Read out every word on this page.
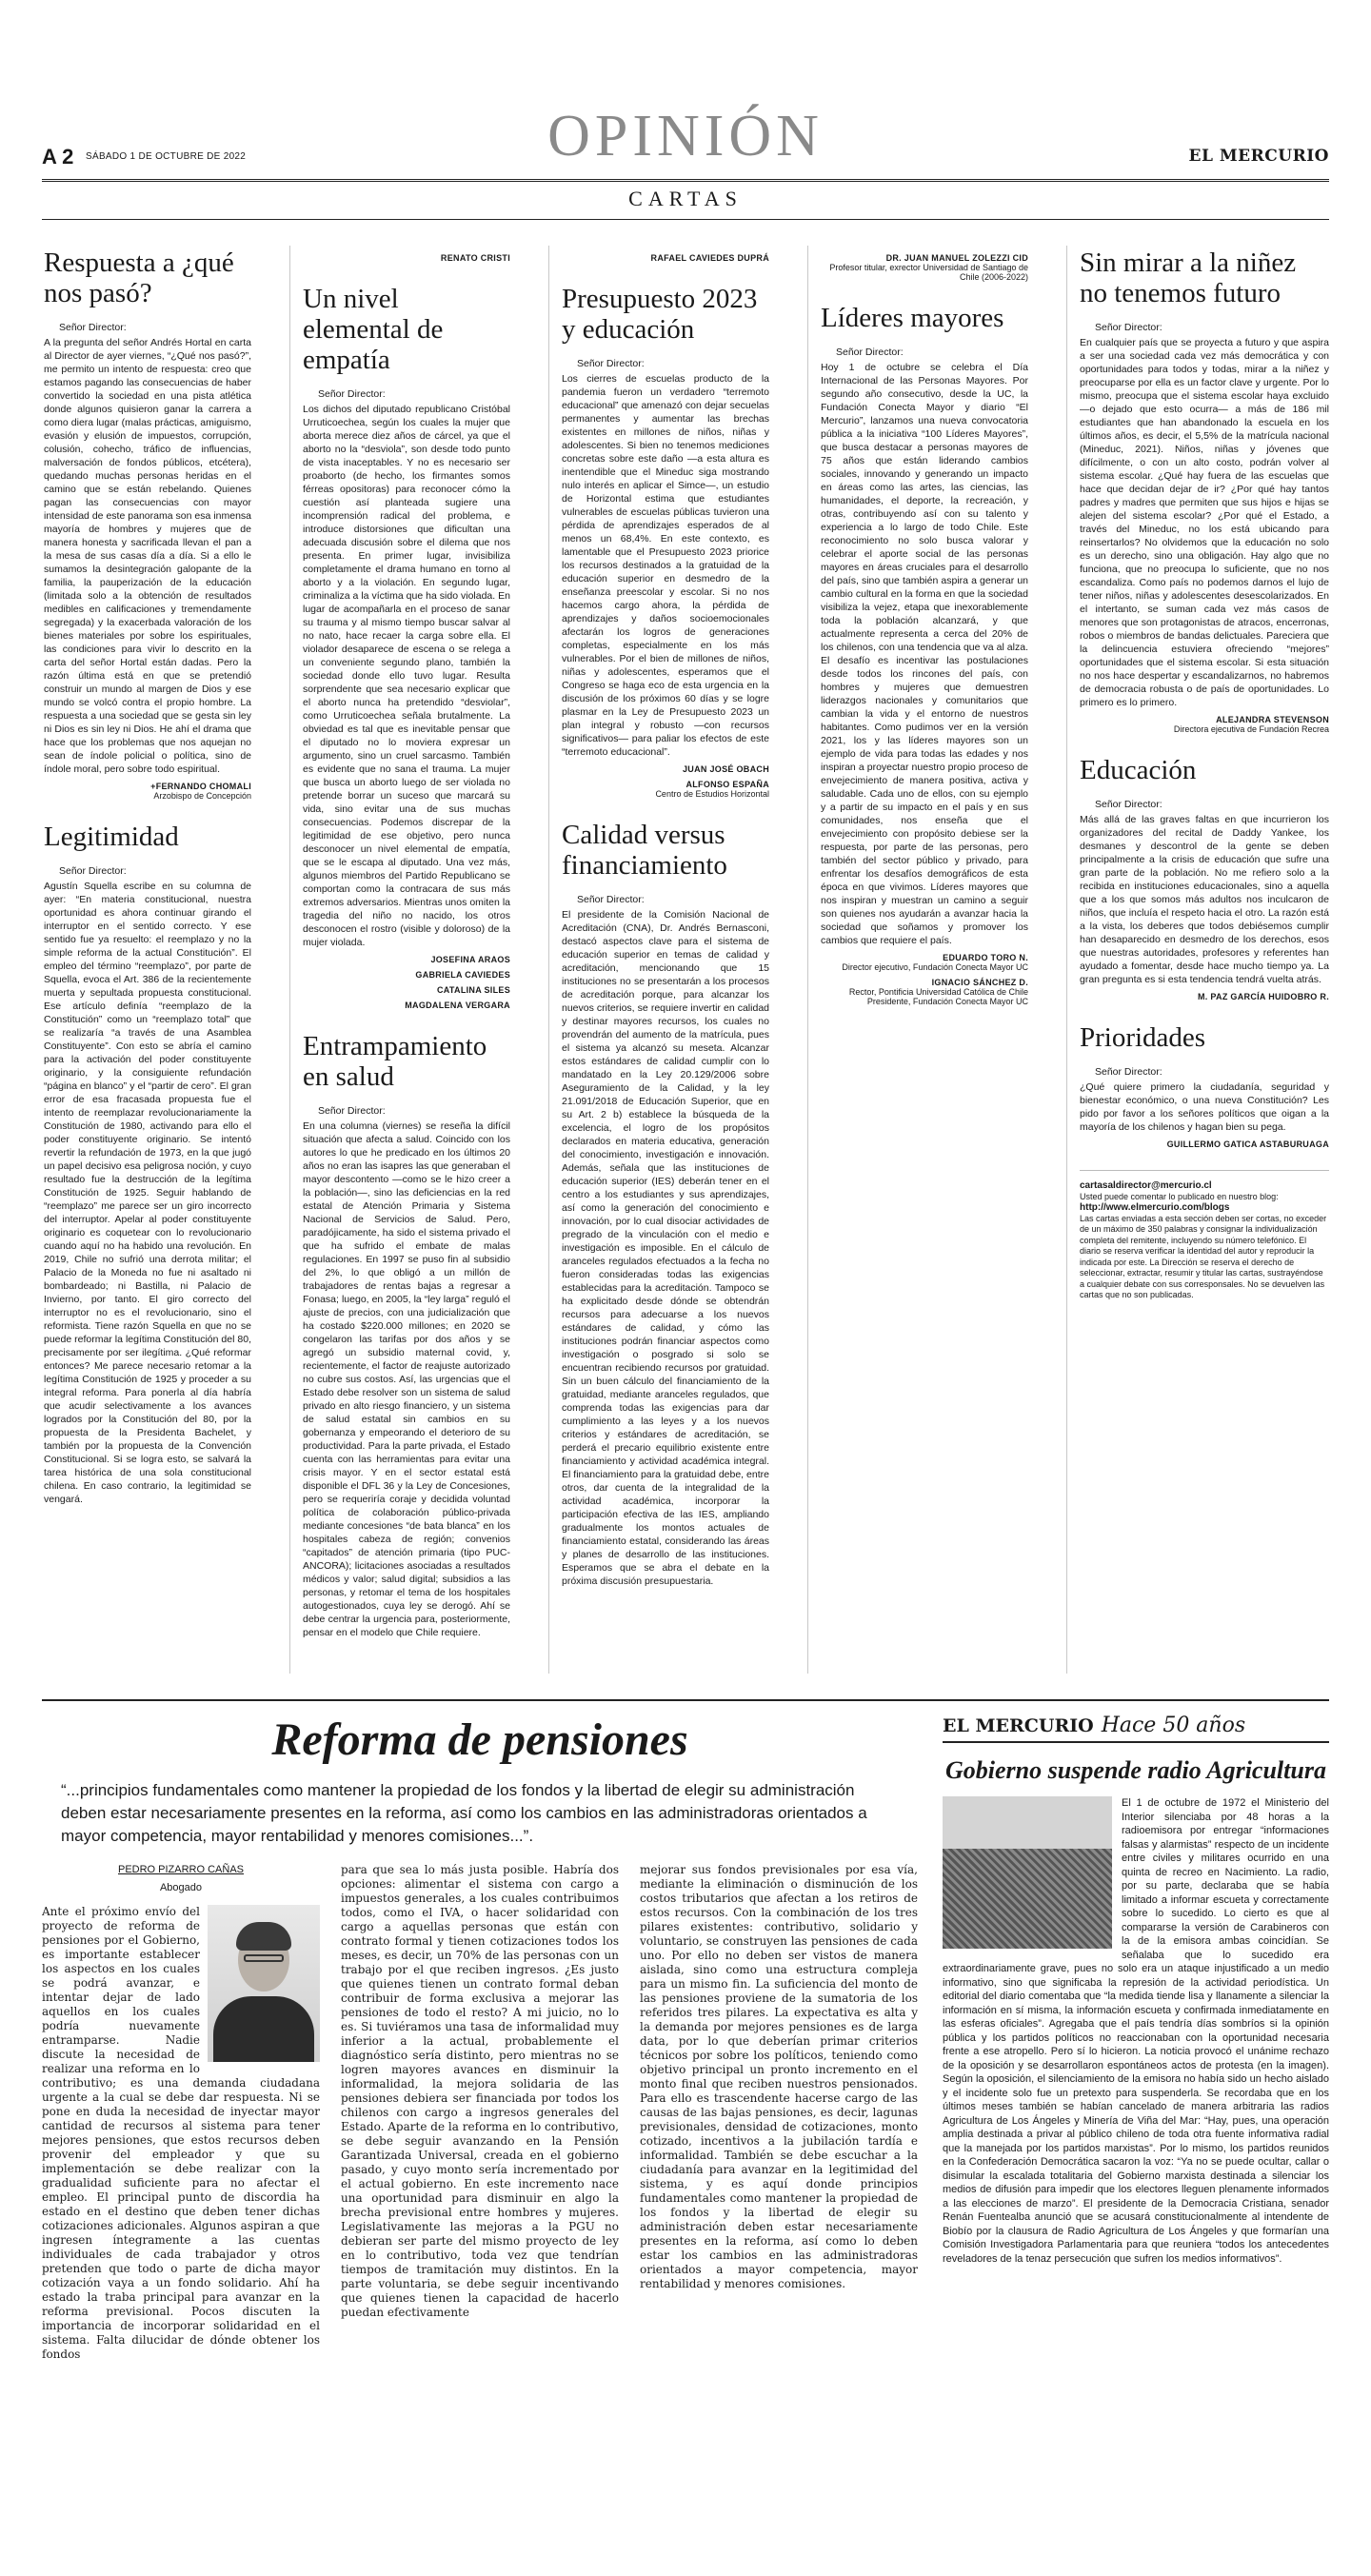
OPINIÓN
A 2 SÁBADO 1 DE OCTUBRE DE 2022	EL MERCURIO
CARTAS
Respuesta a ¿qué nos pasó?

Señor Director:

A la pregunta del señor Andrés Hortal en carta al Director de ayer viernes, “¿Qué nos pasó?”, me permito un intento de respuesta: creo que estamos pagando las consecuencias de haber convertido la sociedad en una pista atlética donde algunos quisieron ganar la carrera a como diera lugar (malas prácticas, amiguismo, evasión y elusión de impuestos, corrupción, colusión, cohecho, tráfico de influencias, malversación de fondos públicos, etcétera), quedando muchas personas heridas en el camino que se están rebelando. Quienes pagan las consecuencias con mayor intensidad de este panorama son esa inmensa mayoría de hombres y mujeres que de manera honesta y sacrificada llevan el pan a la mesa de sus casas día a día. Si a ello le sumamos la desintegración galopante de la familia, la pauperización de la educación (limitada solo a la obtención de resultados medibles en calificaciones y tremendamente segregada) y la exacerbada valoración de los bienes materiales por sobre los espirituales, las condiciones para vivir lo descrito en la carta del señor Hortal están dadas. Pero la razón última está en que se pretendió construir un mundo al margen de Dios y ese mundo se volcó contra el propio hombre. La respuesta a una sociedad que se gesta sin ley ni Dios es sin ley ni Dios. He ahí el drama que hace que los problemas que nos aquejan no sean de índole policial o política, sino de índole moral, pero sobre todo espiritual.

+FERNANDO CHOMALI

Arzobispo de Concepción

Legitimidad

Señor Director:

Agustín Squella escribe en su columna de ayer: “En materia constitucional, nuestra oportunidad es ahora continuar girando el interruptor en el sentido correcto. Y ese sentido fue ya resuelto: el reemplazo y no la simple reforma de la actual Constitución”. El empleo del término “reemplazo”, por parte de Squella, evoca el Art. 386 de la recientemente muerta y sepultada propuesta constitucional. Ese artículo definía “reemplazo de la Constitución” como un “reemplazo total” que se realizaría “a través de una Asamblea Constituyente”. Con esto se abría el camino para la activación del poder constituyente originario, y la consiguiente refundación “página en blanco” y el “partir de cero”. El gran error de esa fracasada propuesta fue el intento de reemplazar revolucionariamente la Constitución de 1980, activando para ello el poder constituyente originario. Se intentó revertir la refundación de 1973, en la que jugó un papel decisivo esa peligrosa noción, y cuyo resultado fue la destrucción de la legítima Constitución de 1925. Seguir hablando de “reemplazo” me parece ser un giro incorrecto del interruptor. Apelar al poder constituyente originario es coquetear con lo revolucionario cuando aquí no ha habido una revolución. En 2019, Chile no sufrió una derrota militar; el Palacio de la Moneda no fue ni asaltado ni bombardeado; ni Bastilla, ni Palacio de Invierno, por tanto. El giro correcto del interruptor no es el revolucionario, sino el reformista. Tiene razón Squella en que no se puede reformar la legítima Constitución del 80, precisamente por ser ilegítima. ¿Qué reformar entonces? Me parece necesario retomar a la legítima Constitución de 1925 y proceder a su integral reforma. Para ponerla al día habría que acudir selectivamente a los avances logrados por la Constitución del 80, por la propuesta de la Presidenta Bachelet, y también por la propuesta de la Convención Constitucional. Si se logra esto, se salvará la tarea histórica de una sola constitucional chilena. En caso contrario, la legitimidad se vengará.

RENATO CRISTI

Un nivel elemental de empatía

Señor Director:

Los dichos del diputado republicano Cristóbal Urruticoechea, según los cuales la mujer que aborta merece diez años de cárcel, ya que el aborto no la “desviola”, son desde todo punto de vista inaceptables. Y no es necesario ser proaborto (de hecho, los firmantes somos férreas opositoras) para reconocer cómo la cuestión así planteada sugiere una incomprensión radical del problema, e introduce distorsiones que dificultan una adecuada discusión sobre el dilema que nos presenta. En primer lugar, invisibiliza completamente el drama humano en torno al aborto y a la violación. En segundo lugar, criminaliza a la víctima que ha sido violada. En lugar de acompañarla en el proceso de sanar su trauma y al mismo tiempo buscar salvar al no nato, hace recaer la carga sobre ella. El violador desaparece de escena o se relega a un conveniente segundo plano, también la sociedad donde ello tuvo lugar. Resulta sorprendente que sea necesario explicar que el aborto nunca ha pretendido “desviolar”, como Urruticoechea señala brutalmente. La obviedad es tal que es inevitable pensar que el diputado no lo moviera expresar un argumento, sino un cruel sarcasmo. También es evidente que no sana el trauma. La mujer que busca un aborto luego de ser violada no pretende borrar un suceso que marcará su vida, sino evitar una de sus muchas consecuencias. Podemos discrepar de la legitimidad de ese objetivo, pero nunca desconocer un nivel elemental de empatía, que se le escapa al diputado. Una vez más, algunos miembros del Partido Republicano se comportan como la contracara de sus más extremos adversarios. Mientras unos omiten la tragedia del niño no nacido, los otros desconocen el rostro (visible y doloroso) de la mujer violada.

JOSEFINA ARAOS

GABRIELA CAVIEDES

CATALINA SILES

MAGDALENA VERGARA

Entrampamiento en salud

Señor Director:

En una columna (viernes) se reseña la difícil situación que afecta a salud. Coincido con los autores lo que he predicado en los últimos 20 años no eran las isapres las que generaban el mayor descontento —como se le hizo creer a la población—, sino las deficiencias en la red estatal de Atención Primaria y Sistema Nacional de Servicios de Salud. Pero, paradójicamente, ha sido el sistema privado el que ha sufrido el embate de malas regulaciones. En 1997 se puso fin al subsidio del 2%, lo que obligó a un millón de trabajadores de rentas bajas a regresar a Fonasa; luego, en 2005, la “ley larga” reguló el ajuste de precios, con una judicialización que ha costado $220.000 millones; en 2020 se congelaron las tarifas por dos años y se agregó un subsidio maternal covid, y, recientemente, el factor de reajuste autorizado no cubre sus costos. Así, las urgencias que el Estado debe resolver son un sistema de salud privado en alto riesgo financiero, y un sistema de salud estatal sin cambios en su gobernanza y empeorando el deterioro de su productividad. Para la parte privada, el Estado cuenta con las herramientas para evitar una crisis mayor. Y en el sector estatal está disponible el DFL 36 y la Ley de Concesiones, pero se requeriría coraje y decidida voluntad política de colaboración público-privada mediante concesiones “de bata blanca” en los hospitales cabeza de región; convenios “capitados” de atención primaria (tipo PUC-ANCORA); licitaciones asociadas a resultados médicos y valor; salud digital; subsidios a las personas, y retomar el tema de los hospitales autogestionados, cuya ley se derogó. Ahí se debe centrar la urgencia para, posteriormente, pensar en el modelo que Chile requiere.

RAFAEL CAVIEDES DUPRÁ

Presupuesto 2023 y educación

Señor Director:

Los cierres de escuelas producto de la pandemia fueron un verdadero “terremoto educacional” que amenazó con dejar secuelas permanentes y aumentar las brechas existentes en millones de niños, niñas y adolescentes. Si bien no tenemos mediciones concretas sobre este daño —a esta altura es inentendible que el Mineduc siga mostrando nulo interés en aplicar el Simce—, un estudio de Horizontal estima que estudiantes vulnerables de escuelas públicas tuvieron una pérdida de aprendizajes esperados de al menos un 68,4%. En este contexto, es lamentable que el Presupuesto 2023 priorice los recursos destinados a la gratuidad de la educación superior en desmedro de la enseñanza preescolar y escolar. Si no nos hacemos cargo ahora, la pérdida de aprendizajes y daños socioemocionales afectarán los logros de generaciones completas, especialmente en los más vulnerables. Por el bien de millones de niños, niñas y adolescentes, esperamos que el Congreso se haga eco de esta urgencia en la discusión de los próximos 60 días y se logre plasmar en la Ley de Presupuesto 2023 un plan integral y robusto —con recursos significativos— para paliar los efectos de este “terremoto educacional”.

JUAN JOSÉ OBACH

ALFONSO ESPAÑA

Centro de Estudios Horizontal

Calidad versus financiamiento

Señor Director:

El presidente de la Comisión Nacional de Acreditación (CNA), Dr. Andrés Bernasconi, destacó aspectos clave para el sistema de educación superior en temas de calidad y acreditación, mencionando que 15 instituciones no se presentarán a los procesos de acreditación porque, para alcanzar los nuevos criterios, se requiere invertir en calidad y destinar mayores recursos, los cuales no provendrán del aumento de la matrícula, pues el sistema ya alcanzó su meseta. Alcanzar estos estándares de calidad cumplir con lo mandatado en la Ley 20.129/2006 sobre Aseguramiento de la Calidad, y la ley 21.091/2018 de Educación Superior, que en su Art. 2 b) establece la búsqueda de la excelencia, el logro de los propósitos declarados en materia educativa, generación del conocimiento, investigación e innovación. Además, señala que las instituciones de educación superior (IES) deberán tener en el centro a los estudiantes y sus aprendizajes, así como la generación del conocimiento e innovación, por lo cual disociar actividades de pregrado de la vinculación con el medio e investigación es imposible. En el cálculo de aranceles regulados efectuados a la fecha no fueron consideradas todas las exigencias establecidas para la acreditación. Tampoco se ha explicitado desde dónde se obtendrán recursos para adecuarse a los nuevos estándares de calidad, y cómo las instituciones podrán financiar aspectos como investigación o posgrado si solo se encuentran recibiendo recursos por gratuidad. Sin un buen cálculo del financiamiento de la gratuidad, mediante aranceles regulados, que comprenda todas las exigencias para dar cumplimiento a las leyes y a los nuevos criterios y estándares de acreditación, se perderá el precario equilibrio existente entre financiamiento y actividad académica integral. El financiamiento para la gratuidad debe, entre otros, dar cuenta de la integralidad de la actividad académica, incorporar la participación efectiva de las IES, ampliando gradualmente los montos actuales de financiamiento estatal, considerando las áreas y planes de desarrollo de las instituciones. Esperamos que se abra el debate en la próxima discusión presupuestaria.

DR. JUAN MANUEL ZOLEZZI CID

Profesor titular, exrector Universidad de Santiago de Chile (2006-2022)

Líderes mayores

Señor Director:

Hoy 1 de octubre se celebra el Día Internacional de las Personas Mayores. Por segundo año consecutivo, desde la UC, la Fundación Conecta Mayor y diario “El Mercurio”, lanzamos una nueva convocatoria pública a la iniciativa “100 Líderes Mayores”, que busca destacar a personas mayores de 75 años que están liderando cambios sociales, innovando y generando un impacto en áreas como las artes, las ciencias, las humanidades, el deporte, la recreación, y otras, contribuyendo así con su talento y experiencia a lo largo de todo Chile. Este reconocimiento no solo busca valorar y celebrar el aporte social de las personas mayores en áreas cruciales para el desarrollo del país, sino que también aspira a generar un cambio cultural en la forma en que la sociedad visibiliza la vejez, etapa que inexorablemente toda la población alcanzará, y que actualmente representa a cerca del 20% de los chilenos, con una tendencia que va al alza. El desafío es incentivar las postulaciones desde todos los rincones del país, con hombres y mujeres que demuestren liderazgos nacionales y comunitarios que cambian la vida y el entorno de nuestros habitantes. Como pudimos ver en la versión 2021, los y las líderes mayores son un ejemplo de vida para todas las edades y nos inspiran a proyectar nuestro propio proceso de envejecimiento de manera positiva, activa y saludable. Cada uno de ellos, con su ejemplo y a partir de su impacto en el país y en sus comunidades, nos enseña que el envejecimiento con propósito debiese ser la respuesta, por parte de las personas, pero también del sector público y privado, para enfrentar los desafíos demográficos de esta época en que vivimos. Líderes mayores que nos inspiran y muestran un camino a seguir son quienes nos ayudarán a avanzar hacia la sociedad que soñamos y promover los cambios que requiere el país.

EDUARDO TORO N.

Director ejecutivo, Fundación Conecta Mayor UC

IGNACIO SÁNCHEZ D.

Rector, Pontificia Universidad Católica de Chile Presidente, Fundación Conecta Mayor UC

Sin mirar a la niñez no tenemos futuro

Señor Director:

En cualquier país que se proyecta a futuro y que aspira a ser una sociedad cada vez más democrática y con oportunidades para todos y todas, mirar a la niñez y preocuparse por ella es un factor clave y urgente. Por lo mismo, preocupa que el sistema escolar haya excluido —o dejado que esto ocurra— a más de 186 mil estudiantes que han abandonado la escuela en los últimos años, es decir, el 5,5% de la matrícula nacional (Mineduc, 2021). Niños, niñas y jóvenes que difícilmente, o con un alto costo, podrán volver al sistema escolar. ¿Qué hay fuera de las escuelas que hace que decidan dejar de ir? ¿Por qué hay tantos padres y madres que permiten que sus hijos e hijas se alejen del sistema escolar? ¿Por qué el Estado, a través del Mineduc, no los está ubicando para reinsertarlos? No olvidemos que la educación no solo es un derecho, sino una obligación. Hay algo que no funciona, que no preocupa lo suficiente, que no nos escandaliza. Como país no podemos darnos el lujo de tener niños, niñas y adolescentes desescolarizados. En el intertanto, se suman cada vez más casos de menores que son protagonistas de atracos, encerronas, robos o miembros de bandas delictuales. Pareciera que la delincuencia estuviera ofreciendo “mejores” oportunidades que el sistema escolar. Si esta situación no nos hace despertar y escandalizarnos, no habremos de democracia robusta o de país de oportunidades. Lo primero es lo primero.

ALEJANDRA STEVENSON

Directora ejecutiva de Fundación Recrea

Educación

Señor Director:

Más allá de las graves faltas en que incurrieron los organizadores del recital de Daddy Yankee, los desmanes y descontrol de la gente se deben principalmente a la crisis de educación que sufre una gran parte de la población. No me refiero solo a la recibida en instituciones educacionales, sino a aquella que a los que somos más adultos nos inculcaron de niños, que incluía el respeto hacia el otro. La razón está a la vista, los deberes que todos debiésemos cumplir han desaparecido en desmedro de los derechos, esos que nuestras autoridades, profesores y referentes han ayudado a fomentar, desde hace mucho tiempo ya. La gran pregunta es si esta tendencia tendrá vuelta atrás.

M. PAZ GARCÍA HUIDOBRO R.

Prioridades

Señor Director:

¿Qué quiere primero la ciudadanía, seguridad y bienestar económico, o una nueva Constitución? Les pido por favor a los señores políticos que oigan a la mayoría de los chilenos y hagan bien su pega.

GUILLERMO GATICA ASTABURUAGA

cartasaldirector@mercurio.cl

Usted puede comentar lo publicado en nuestro blog:

http://www.elmercurio.com/blogs

Las cartas enviadas a esta sección deben ser cortas, no exceder de un máximo de 350 palabras y consignar la individualización completa del remitente, incluyendo su número telefónico. El diario se reserva verificar la identidad del autor y reproducir la indicada por este. La Dirección se reserva el derecho de seleccionar, extractar, resumir y titular las cartas, sustrayéndose a cualquier debate con sus corresponsales. No se devuelven las cartas que no son publicadas.

Reforma de pensiones

“...principios fundamentales como mantener la propiedad de los fondos y la libertad de elegir su administración deben estar necesariamente presentes en la reforma, así como los cambios en las administradoras orientados a mayor competencia, mayor rentabilidad y menores comisiones...”.

PEDRO PIZARRO CAÑAS

Abogado

Ante el próximo envío del proyecto de reforma de pensiones por el Gobierno, es importante establecer los aspectos en los cuales se podrá avanzar, e intentar dejar de lado aquellos en los cuales podría nuevamente entramparse. Nadie discute la necesidad de realizar una reforma en lo contributivo; es una demanda ciudadana urgente a la cual se debe dar respuesta. Ni se pone en duda la necesidad de inyectar mayor cantidad de recursos al sistema para tener mejores pensiones, que estos recursos deben provenir del empleador y que su implementación se debe realizar con la gradualidad suficiente para no afectar el empleo. El principal punto de discordia ha estado en el destino que deben tener dichas cotizaciones adicionales. Algunos aspiran a que ingresen íntegramente a las cuentas individuales de cada trabajador y otros pretenden que todo o parte de dicha mayor cotización vaya a un fondo solidario. Ahí ha estado la traba principal para avanzar en la reforma previsional. Pocos discuten la importancia de incorporar solidaridad en el sistema. Falta dilucidar de dónde obtener los fondos

para que sea lo más justa posible. Habría dos opciones: alimentar el sistema con cargo a impuestos generales, a los cuales contribuimos todos, como el IVA, o hacer solidaridad con cargo a aquellas personas que están con contrato formal y tienen cotizaciones todos los meses, es decir, un 70% de las personas con un trabajo por el que reciben ingresos. ¿Es justo que quienes tienen un contrato formal deban contribuir de forma exclusiva a mejorar las pensiones de todo el resto? A mi juicio, no lo es. Si tuviéramos una tasa de informalidad muy inferior a la actual, probablemente el diagnóstico sería distinto, pero mientras no se logren mayores avances en disminuir la informalidad, la mejora solidaria de las pensiones debiera ser financiada por todos los chilenos con cargo a ingresos generales del Estado. Aparte de la reforma en lo contributivo, se debe seguir avanzando en la Pensión Garantizada Universal, creada en el gobierno pasado, y cuyo monto sería incrementado por el actual gobierno. En este incremento nace una oportunidad para disminuir en algo la brecha previsional entre hombres y mujeres. Legislativamente las mejoras a la PGU no debieran ser parte del mismo proyecto de ley en lo contributivo, toda vez que tendrían tiempos de tramitación muy distintos. En la parte voluntaria, se debe seguir incentivando que quienes tienen la capacidad de hacerlo puedan efectivamente

mejorar sus fondos previsionales por esa vía, mediante la eliminación o disminución de los costos tributarios que afectan a los retiros de estos recursos. Con la combinación de los tres pilares existentes: contributivo, solidario y voluntario, se construyen las pensiones de cada uno. Por ello no deben ser vistos de manera aislada, sino como una estructura compleja para un mismo fin. La suficiencia del monto de las pensiones proviene de la sumatoria de los referidos tres pilares. La expectativa es alta y la demanda por mejores pensiones es de larga data, por lo que deberían primar criterios técnicos por sobre los políticos, teniendo como objetivo principal un pronto incremento en el monto final que reciben nuestros pensionados. Para ello es trascendente hacerse cargo de las causas de las bajas pensiones, es decir, lagunas previsionales, densidad de cotizaciones, monto cotizado, incentivos a la jubilación tardía e informalidad. También se debe escuchar a la ciudadanía para avanzar en la legitimidad del sistema, y es aquí donde principios fundamentales como mantener la propiedad de los fondos y la libertad de elegir su administración deben estar necesariamente presentes en la reforma, así como lo deben estar los cambios en las administradoras orientados a mayor competencia, mayor rentabilidad y menores comisiones.

EL MERCURIO Hace 50 años
Gobierno suspende radio Agricultura

El 1 de octubre de 1972 el Ministerio del Interior silenciaba por 48 horas a la radioemisora por entregar “informaciones falsas y alarmistas” respecto de un incidente entre civiles y militares ocurrido en una quinta de recreo en Nacimiento. La radio, por su parte, declaraba que se había limitado a informar escueta y correctamente sobre lo sucedido. Lo cierto es que al compararse la versión de Carabineros con la de la emisora ambas coincidían. Se señalaba que lo sucedido era extraordinariamente grave, pues no solo era un ataque injustificado a un medio informativo, sino que significaba la represión de la actividad periodística. Un editorial del diario comentaba que “la medida tiende lisa y llanamente a silenciar la información en sí misma, la información escueta y confirmada inmediatamente en las esferas oficiales”. Agregaba que el país tendría días sombríos si la opinión pública y los partidos políticos no reaccionaban con la oportunidad necesaria frente a ese atropello. Pero sí lo hicieron. La noticia provocó el unánime rechazo de la oposición y se desarrollaron espontáneos actos de protesta (en la imagen). Según la oposición, el silenciamiento de la emisora no había sido un hecho aislado y el incidente solo fue un pretexto para suspenderla. Se recordaba que en los últimos meses también se habían cancelado de manera arbitraria las radios Agricultura de Los Ángeles y Minería de Viña del Mar: “Hay, pues, una operación amplia destinada a privar al público chileno de toda otra fuente informativa radial que la manejada por los partidos marxistas”. Por lo mismo, los partidos reunidos en la Confederación Democrática sacaron la voz: “Ya no se puede ocultar, callar o disimular la escalada totalitaria del Gobierno marxista destinada a silenciar los medios de difusión para impedir que los electores lleguen plenamente informados a las elecciones de marzo”. El presidente de la Democracia Cristiana, senador Renán Fuentealba anunció que se acusará constitucionalmente al intendente de Biobío por la clausura de Radio Agricultura de Los Ángeles y que formarían una Comisión Investigadora Parlamentaria para que reuniera “todos los antecedentes reveladores de la tenaz persecución que sufren los medios informativos”.
